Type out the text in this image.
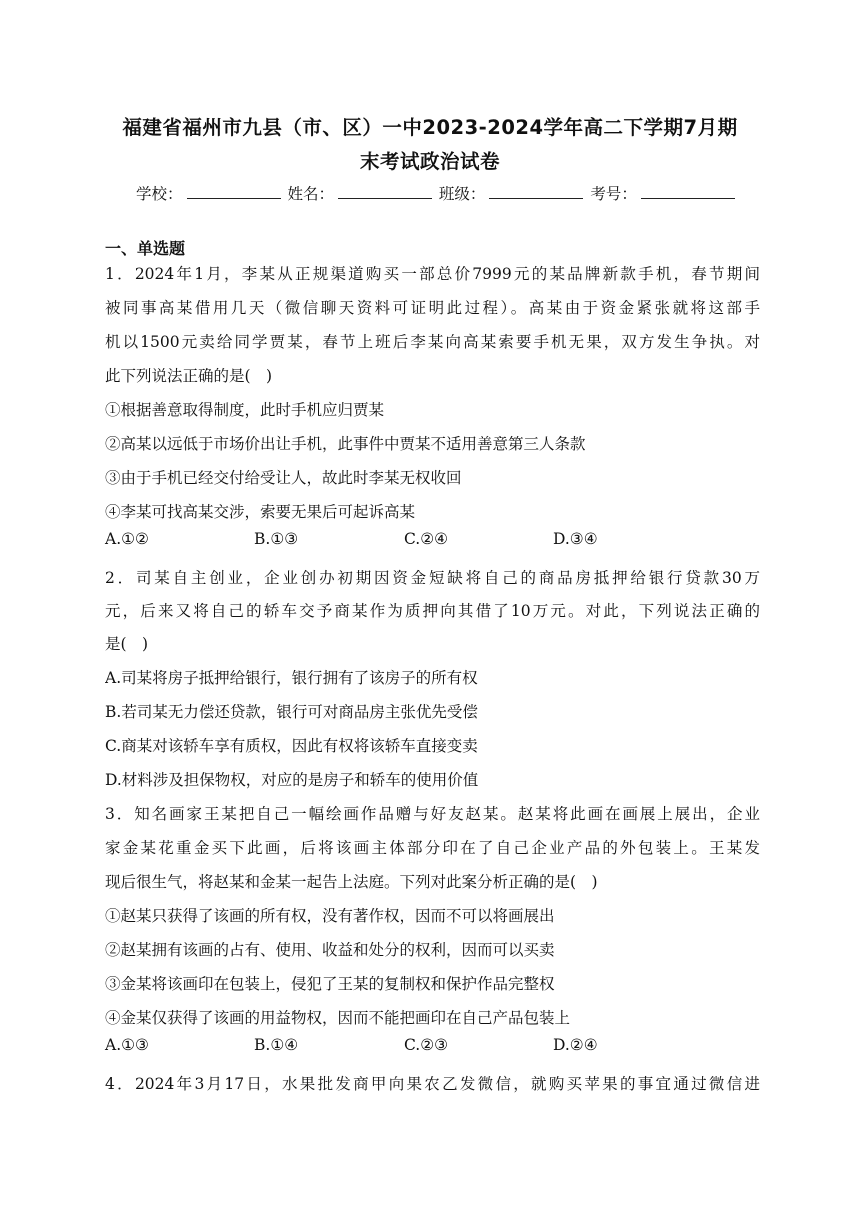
福建省福州市九县（市、区）一中2023-2024学年高二下学期7月期
末考试政治试卷
学校：	姓名：	班级：	考号：
一、单选题
1．2024年1月，李某从正规渠道购买一部总价7999元的某品牌新款手机，春节期间
被同事高某借用几天（微信聊天资料可证明此过程）。高某由于资金紧张就将这部手
机以1500元卖给同学贾某，春节上班后李某向高某索要手机无果，双方发生争执。对
此下列说法正确的是(　)
①根据善意取得制度，此时手机应归贾某
②高某以远低于市场价出让手机，此事件中贾某不适用善意第三人条款
③由于手机已经交付给受让人，故此时李某无权收回
④李某可找高某交涉，索要无果后可起诉高某
A.①②	B.①③	C.②④	D.③④
2．司某自主创业，企业创办初期因资金短缺将自己的商品房抵押给银行贷款30万
元，后来又将自己的轿车交予商某作为质押向其借了10万元。对此，下列说法正确的
是(　)
A.司某将房子抵押给银行，银行拥有了该房子的所有权
B.若司某无力偿还贷款，银行可对商品房主张优先受偿
C.商某对该轿车享有质权，因此有权将该轿车直接变卖
D.材料涉及担保物权，对应的是房子和轿车的使用价值
3．知名画家王某把自己一幅绘画作品赠与好友赵某。赵某将此画在画展上展出，企业
家金某花重金买下此画，后将该画主体部分印在了自己企业产品的外包装上。王某发
现后很生气，将赵某和金某一起告上法庭。下列对此案分析正确的是(　)
①赵某只获得了该画的所有权，没有著作权，因而不可以将画展出
②赵某拥有该画的占有、使用、收益和处分的权利，因而可以买卖
③金某将该画印在包装上，侵犯了王某的复制权和保护作品完整权
④金某仅获得了该画的用益物权，因而不能把画印在自己产品包装上
A.①③	B.①④	C.②③	D.②④
4．2024年3月17日，水果批发商甲向果农乙发微信，就购买苹果的事宜通过微信进
